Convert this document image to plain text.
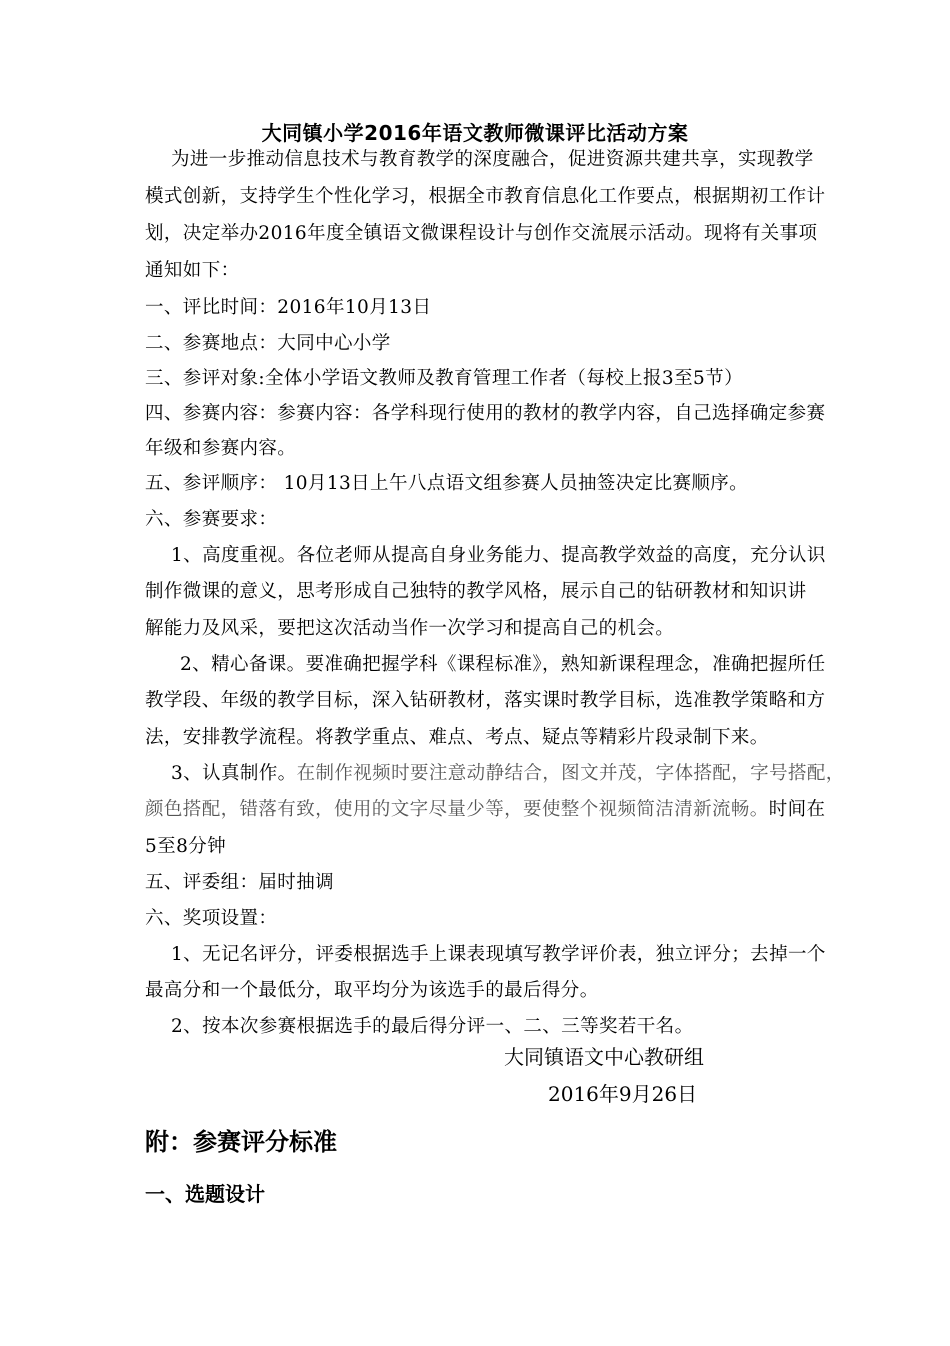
大同镇小学2016年语文教师微课评比活动方案

为进一步推动信息技术与教育教学的深度融合，促进资源共建共享，实现教学

模式创新，支持学生个性化学习，根据全市教育信息化工作要点，根据期初工作计

划，决定举办2016年度全镇语文微课程设计与创作交流展示活动。现将有关事项

通知如下：

一、评比时间：2016年10月13日

二、参赛地点：大同中心小学

三、参评对象:全体小学语文教师及教育管理工作者（每校上报3至5节）

四、参赛内容：参赛内容：各学科现行使用的教材的教学内容，自己选择确定参赛

年级和参赛内容。

五、参评顺序： 10月13日上午八点语文组参赛人员抽签决定比赛顺序。

六、参赛要求：

1、高度重视。各位老师从提高自身业务能力、提高教学效益的高度，充分认识

制作微课的意义，思考形成自己独特的教学风格，展示自己的钻研教材和知识讲

解能力及风采，要把这次活动当作一次学习和提高自己的机会。

2、精心备课。要准确把握学科《课程标准》，熟知新课程理念，准确把握所任

教学段、年级的教学目标，深入钻研教材，落实课时教学目标，选准教学策略和方

法，安排教学流程。将教学重点、难点、考点、疑点等精彩片段录制下来。

3、认真制作。在制作视频时要注意动静结合，图文并茂，字体搭配，字号搭配，

颜色搭配，错落有致，使用的文字尽量少等，要使整个视频简洁清新流畅。时间在

5至8分钟

五、评委组：届时抽调

六、奖项设置：

1、无记名评分，评委根据选手上课表现填写教学评价表，独立评分；去掉一个

最高分和一个最低分，取平均分为该选手的最后得分。

2、按本次参赛根据选手的最后得分评一、二、三等奖若干名。

大同镇语文中心教研组
2016年9月26日
附：参赛评分标准
一、选题设计
